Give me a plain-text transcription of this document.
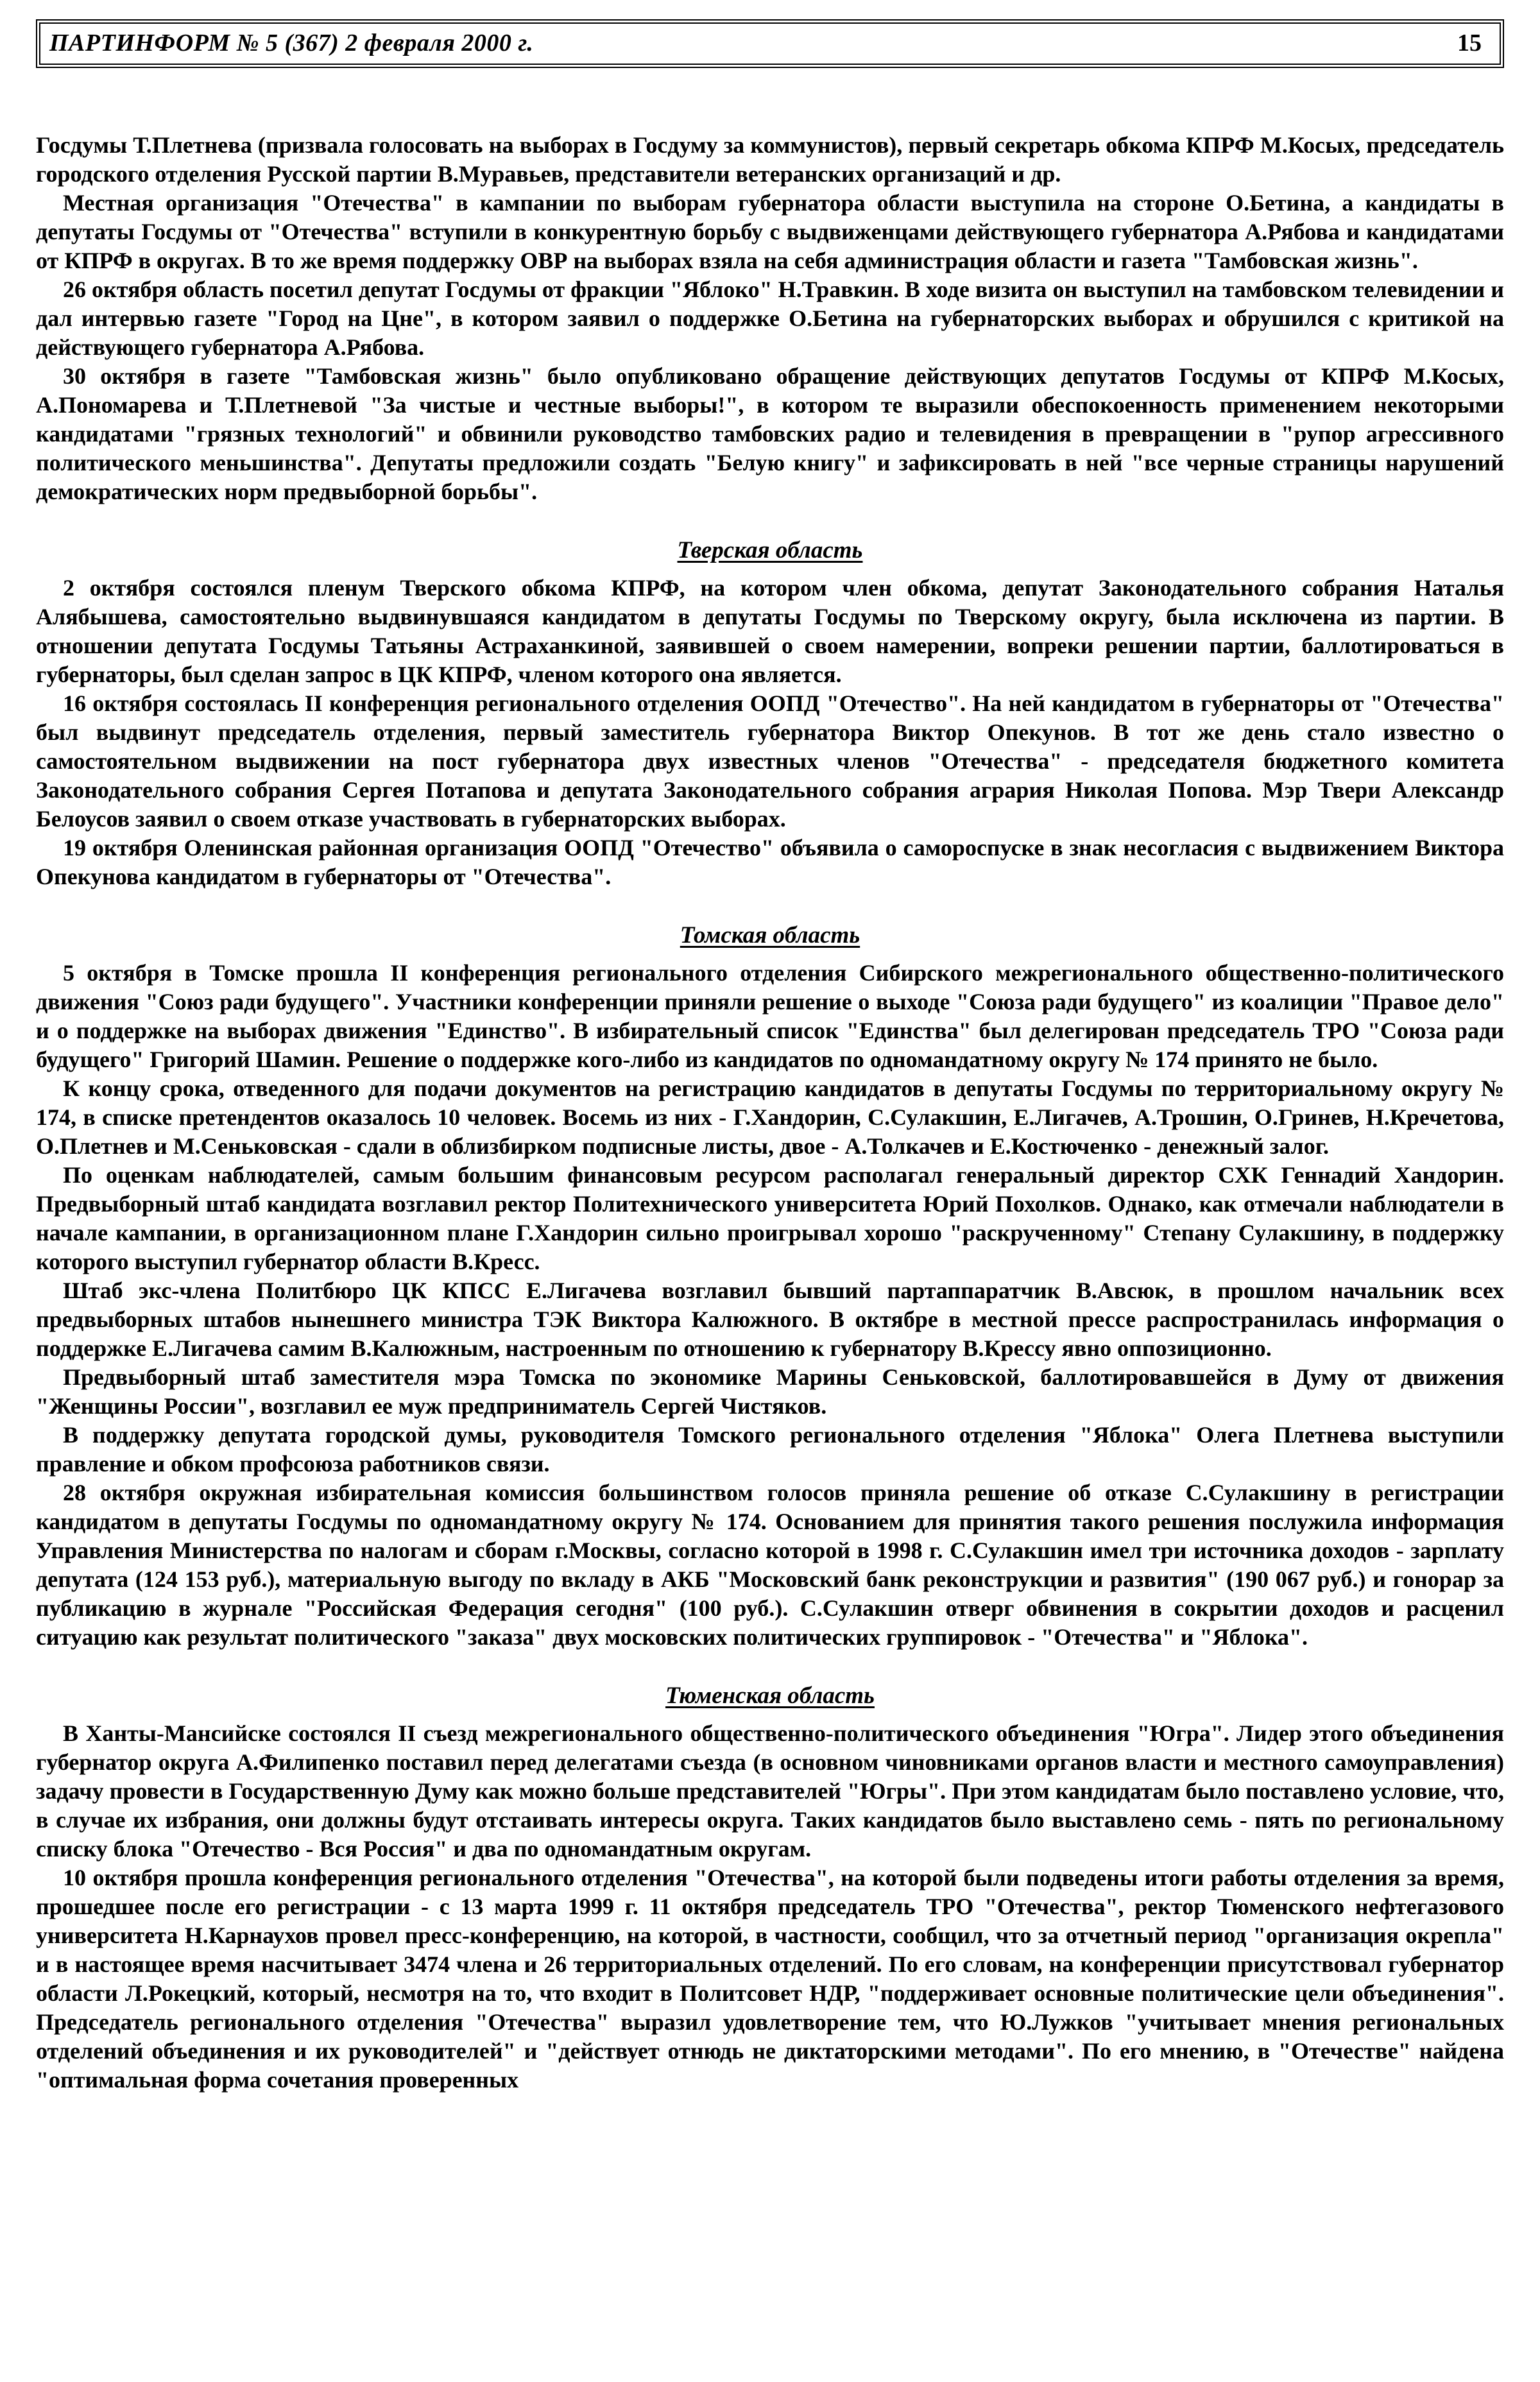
ПАРТИНФОРМ № 5 (367) 2 февраля 2000 г.	15

Госдумы Т.Плетнева (призвала голосовать на выборах в Госдуму за коммунистов), первый секретарь обкома КПРФ М.Косых, председатель городского отделения Русской партии В.Муравьев, представители ветеранских организаций и др.

Местная организация "Отечества" в кампании по выборам губернатора области выступила на стороне О.Бетина, а кандидаты в депутаты Госдумы от "Отечества" вступили в конкурентную борьбу с выдвиженцами действующего губернатора А.Рябова и кандидатами от КПРФ в округах. В то же время поддержку ОВР на выборах взяла на себя администрация области и газета "Тамбовская жизнь".

26 октября область посетил депутат Госдумы от фракции "Яблоко" Н.Травкин. В ходе визита он выступил на тамбовском телевидении и дал интервью газете "Город на Цне", в котором заявил о поддержке О.Бетина на губернаторских выборах и обрушился с критикой на действующего губернатора А.Рябова.

30 октября в газете "Тамбовская жизнь" было опубликовано обращение действующих депутатов Госдумы от КПРФ М.Косых, А.Пономарева и Т.Плетневой "За чистые и честные выборы!", в котором те выразили обеспокоенность применением некоторыми кандидатами "грязных технологий" и обвинили руководство тамбовских радио и телевидения в превращении в "рупор агрессивного политического меньшинства". Депутаты предложили создать "Белую книгу" и зафиксировать в ней "все черные страницы нарушений демократических норм предвыборной борьбы".

Тверская область

2 октября состоялся пленум Тверского обкома КПРФ, на котором член обкома, депутат Законодательного собрания Наталья Алябышева, самостоятельно выдвинувшаяся кандидатом в депутаты Госдумы по Тверскому округу, была исключена из партии. В отношении депутата Госдумы Татьяны Астраханкиной, заявившей о своем намерении, вопреки решении партии, баллотироваться в губернаторы, был сделан запрос в ЦК КПРФ, членом которого она является.

16 октября состоялась II конференция регионального отделения ООПД "Отечество". На ней кандидатом в губернаторы от "Отечества" был выдвинут председатель отделения, первый заместитель губернатора Виктор Опекунов. В тот же день стало известно о самостоятельном выдвижении на пост губернатора двух известных членов "Отечества" - председателя бюджетного комитета Законодательного собрания Сергея Потапова и депутата Законодательного собрания агрария Николая Попова. Мэр Твери Александр Белоусов заявил о своем отказе участвовать в губернаторских выборах.

19 октября Оленинская районная организация ООПД "Отечество" объявила о самороспуске в знак несогласия с выдвижением Виктора Опекунова кандидатом в губернаторы от "Отечества".

Томская область

5 октября в Томске прошла II конференция регионального отделения Сибирского межрегионального общественно-политического движения "Союз ради будущего". Участники конференции приняли решение о выходе "Союза ради будущего" из коалиции "Правое дело" и о поддержке на выборах движения "Единство". В избирательный список "Единства" был делегирован председатель ТРО "Союза ради будущего" Григорий Шамин. Решение о поддержке кого-либо из кандидатов по одномандатному округу № 174 принято не было.

К концу срока, отведенного для подачи документов на регистрацию кандидатов в депутаты Госдумы по территориальному округу № 174, в списке претендентов оказалось 10 человек. Восемь из них - Г.Хандорин, С.Сулакшин, Е.Лигачев, А.Трошин, О.Гринев, Н.Кречетова, О.Плетнев и М.Сеньковская - сдали в облизбирком подписные листы, двое - А.Толкачев и Е.Костюченко - денежный залог.

По оценкам наблюдателей, самым большим финансовым ресурсом располагал генеральный директор СХК Геннадий Хандорин. Предвыборный штаб кандидата возглавил ректор Политехнического университета Юрий Похолков. Однако, как отмечали наблюдатели в начале кампании, в организационном плане Г.Хандорин сильно проигрывал хорошо "раскрученному" Степану Сулакшину, в поддержку которого выступил губернатор области В.Кресс.

Штаб экс-члена Политбюро ЦК КПСС Е.Лигачева возглавил бывший партаппаратчик В.Авсюк, в прошлом начальник всех предвыборных штабов нынешнего министра ТЭК Виктора Калюжного. В октябре в местной прессе распространилась информация о поддержке Е.Лигачева самим В.Калюжным, настроенным по отношению к губернатору В.Крессу явно оппозиционно.

Предвыборный штаб заместителя мэра Томска по экономике Марины Сеньковской, баллотировавшейся в Думу от движения "Женщины России", возглавил ее муж предприниматель Сергей Чистяков.

В поддержку депутата городской думы, руководителя Томского регионального отделения "Яблока" Олега Плетнева выступили правление и обком профсоюза работников связи.

28 октября окружная избирательная комиссия большинством голосов приняла решение об отказе С.Сулакшину в регистрации кандидатом в депутаты Госдумы по одномандатному округу № 174. Основанием для принятия такого решения послужила информация Управления Министерства по налогам и сборам г.Москвы, согласно которой в 1998 г. С.Сулакшин имел три источника доходов - зарплату депутата (124 153 руб.), материальную выгоду по вкладу в АКБ "Московский банк реконструкции и развития" (190 067 руб.) и гонорар за публикацию в журнале "Российская Федерация сегодня" (100 руб.). С.Сулакшин отверг обвинения в сокрытии доходов и расценил ситуацию как результат политического "заказа" двух московских политических группировок - "Отечества" и "Яблока".

Тюменская область

В Ханты-Мансийске состоялся II съезд межрегионального общественно-политического объединения "Югра". Лидер этого объединения губернатор округа А.Филипенко поставил перед делегатами съезда (в основном чиновниками органов власти и местного самоуправления) задачу провести в Государственную Думу как можно больше представителей "Югры". При этом кандидатам было поставлено условие, что, в случае их избрания, они должны будут отстаивать интересы округа. Таких кандидатов было выставлено семь - пять по региональному списку блока "Отечество - Вся Россия" и два по одномандатным округам.

10 октября прошла конференция регионального отделения "Отечества", на которой были подведены итоги работы отделения за время, прошедшее после его регистрации - с 13 марта 1999 г. 11 октября председатель ТРО "Отечества", ректор Тюменского нефтегазового университета Н.Карнаухов провел пресс-конференцию, на которой, в частности, сообщил, что за отчетный период "организация окрепла" и в настоящее время насчитывает 3474 члена и 26 территориальных отделений. По его словам, на конференции присутствовал губернатор области Л.Рокецкий, который, несмотря на то, что входит в Политсовет НДР, "поддерживает основные политические цели объединения". Председатель регионального отделения "Отечества" выразил удовлетворение тем, что Ю.Лужков "учитывает мнения региональных отделений объединения и их руководителей" и "действует отнюдь не диктаторскими методами". По его мнению, в "Отечестве" найдена "оптимальная форма сочетания проверенных
